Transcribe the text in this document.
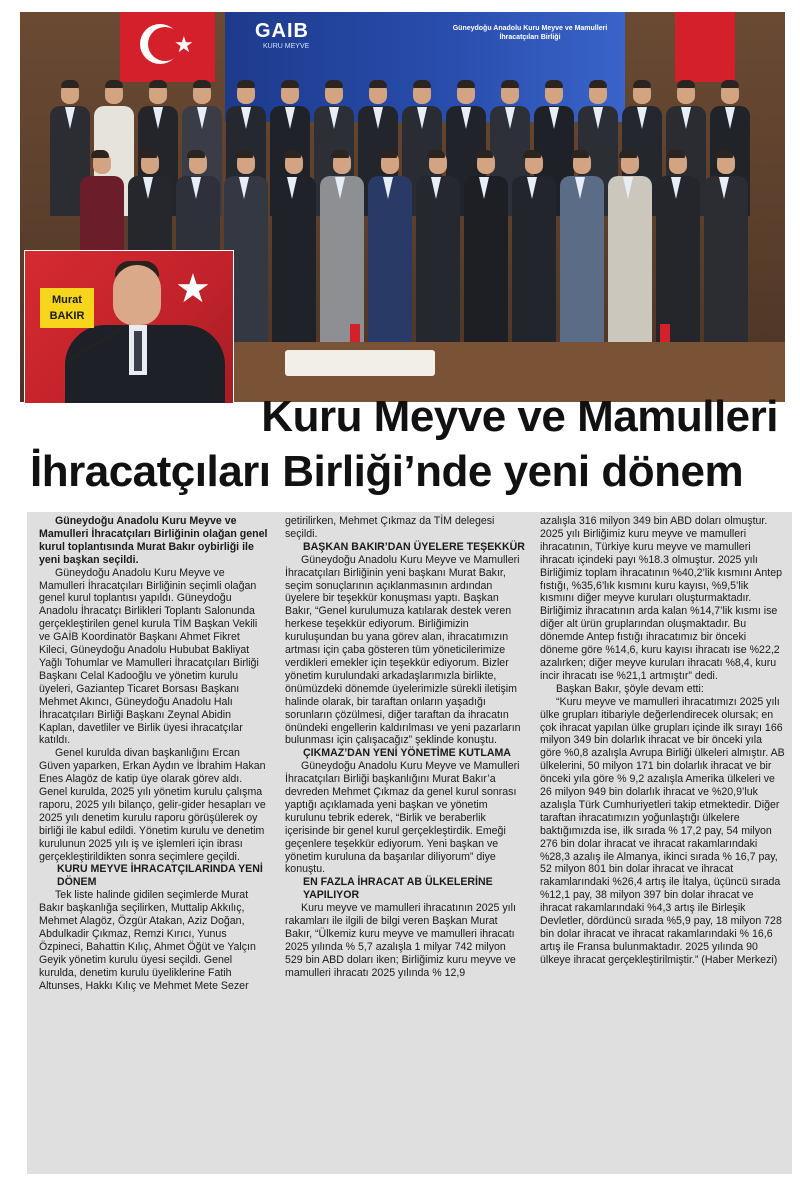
★
GAIB
KURU MEYVE
Güneydoğu Anadolu Kuru Meyve ve Mamulleri İhracatçıları Birliği
★
Murat
BAKIR
Kuru Meyve ve Mamulleri
İhracatçıları Birliği’nde yeni dönem

Güneydoğu Anadolu Kuru Meyve ve Mamulleri İhracatçıları Birliğinin olağan genel kurul toplantısında Murat Bakır oybirliği ile yeni başkan seçildi.

Güneydoğu Anadolu Kuru Meyve ve Mamulleri İhracatçıları Birliğinin seçimli olağan genel kurul toplantısı yapıldı. Güneydoğu Anadolu İhracatçı Birlikleri Toplantı Salonunda gerçekleştirilen genel kurula TİM Başkan Vekili ve GAİB Koordinatör Başkanı Ahmet Fikret Kileci, Güneydoğu Anadolu Hububat Bakliyat Yağlı Tohumlar ve Mamulleri İhracatçıları Birliği Başkanı Celal Kadooğlu ve yönetim kurulu üyeleri, Gaziantep Ticaret Borsası Başkanı Mehmet Akıncı, Güneydoğu Anadolu Halı İhracatçıları Birliği Başkanı Zeynal Abidin Kaplan, davetliler ve Birlik üyesi ihracatçılar katıldı.

Genel kurulda divan başkanlığını Ercan Güven yaparken, Erkan Aydın ve İbrahim Hakan Enes Alagöz de katip üye olarak görev aldı. Genel kurulda, 2025 yılı yönetim kurulu çalışma raporu, 2025 yılı bilanço, gelir-gider hesapları ve 2025 yılı denetim kurulu raporu görüşülerek oy birliği ile kabul edildi. Yönetim kurulu ve denetim kurulunun 2025 yılı iş ve işlemleri için ibrası gerçekleştirildikten sonra seçimlere geçildi.

KURU MEYVE İHRACATÇILARINDA YENİ DÖNEM

Tek liste halinde gidilen seçimlerde Murat Bakır başkanlığa seçilirken, Muttalip Akkılıç, Mehmet Alagöz, Özgür Atakan, Aziz Doğan, Abdulkadir Çıkmaz, Remzi Kırıcı, Yunus Özpineci, Bahattin Kılıç, Ahmet Öğüt ve Yalçın Geyik yönetim kurulu üyesi seçildi. Genel kurulda, denetim kurulu üyeliklerine Fatih Altunses, Hakkı Kılıç ve Mehmet Mete Sezer

getirilirken, Mehmet Çıkmaz da TİM delegesi seçildi.

BAŞKAN BAKIR’DAN ÜYELERE TEŞEKKÜR

Güneydoğu Anadolu Kuru Meyve ve Mamulleri İhracatçıları Birliğinin yeni başkanı Murat Bakır, seçim sonuçlarının açıklanmasının ardından üyelere bir teşekkür konuşması yaptı. Başkan Bakır, “Genel kurulumuza katılarak destek veren herkese teşekkür ediyorum. Birliğimizin kuruluşundan bu yana görev alan, ihracatımızın artması için çaba gösteren tüm yöneticilerimize verdikleri emekler için teşekkür ediyorum. Bizler yönetim kurulundaki arkadaşlarımızla birlikte, önümüzdeki dönemde üyelerimizle sürekli iletişim halinde olarak, bir taraftan onların yaşadığı sorunların çözülmesi, diğer taraftan da ihracatın önündeki engellerin kaldırılması ve yeni pazarların bulunması için çalışacağız” şeklinde konuştu.

ÇIKMAZ’DAN YENİ YÖNETİME KUTLAMA

Güneydoğu Anadolu Kuru Meyve ve Mamulleri İhracatçıları Birliği başkanlığını Murat Bakır’a devreden Mehmet Çıkmaz da genel kurul sonrası yaptığı açıklamada yeni başkan ve yönetim kurulunu tebrik ederek, “Birlik ve beraberlik içerisinde bir genel kurul gerçekleştirdik. Emeği geçenlere teşekkür ediyorum. Yeni başkan ve yönetim kuruluna da başarılar diliyorum” diye konuştu.

EN FAZLA İHRACAT AB ÜLKELERİNE YAPILIYOR

Kuru meyve ve mamulleri ihracatının 2025 yılı rakamları ile ilgili de bilgi veren Başkan Murat Bakır, “Ülkemiz kuru meyve ve mamulleri ihracatı 2025 yılında % 5,7 azalışla 1 milyar 742 milyon 529 bin ABD doları iken; Birliğimiz kuru meyve ve mamulleri ihracatı 2025 yılında % 12,9

azalışla 316 milyon 349 bin ABD doları olmuştur. 2025 yılı Birliğimiz kuru meyve ve mamulleri ihracatının, Türkiye kuru meyve ve mamulleri ihracatı içindeki payı %18.3 olmuştur. 2025 yılı Birliğimiz toplam ihracatının %40,2’lik kısmını Antep fıstığı, %35,6’lık kısmını kuru kayısı, %9,5’lik kısmını diğer meyve kuruları oluşturmaktadır. Birliğimiz ihracatının arda kalan %14,7’lik kısmı ise diğer alt ürün gruplarından oluşmaktadır. Bu dönemde Antep fıstığı ihracatımız bir önceki döneme göre %14,6, kuru kayısı ihracatı ise %22,2 azalırken; diğer meyve kuruları ihracatı %8,4, kuru incir ihracatı ise %21,1 artmıştır” dedi.

Başkan Bakır, şöyle devam etti:

“Kuru meyve ve mamulleri ihracatımızı 2025 yılı ülke grupları itibariyle değerlendirecek olursak; en çok ihracat yapılan ülke grupları içinde ilk sırayı 166 milyon 349 bin dolarlık ihracat ve bir önceki yıla göre %0,8 azalışla Avrupa Birliği ülkeleri almıştır. AB ülkelerini, 50 milyon 171 bin dolarlık ihracat ve bir önceki yıla göre % 9,2 azalışla Amerika ülkeleri ve 26 milyon 949 bin dolarlık ihracat ve %20,9’luk azalışla Türk Cumhuriyetleri takip etmektedir. Diğer taraftan ihracatımızın yoğunlaştığı ülkelere baktığımızda ise, ilk sırada % 17,2 pay, 54 milyon 276 bin dolar ihracat ve ihracat rakamlarındaki %28,3 azalış ile Almanya, ikinci sırada % 16,7 pay, 52 milyon 801 bin dolar ihracat ve ihracat rakamlarındaki %26,4 artış ile İtalya, üçüncü sırada %12,1 pay, 38 milyon 397 bin dolar ihracat ve ihracat rakamlarındaki %4,3 artış ile Birleşik Devletler, dördüncü sırada %5,9 pay, 18 milyon 728 bin dolar ihracat ve ihracat rakamlarındaki % 16,6 artış ile Fransa bulunmaktadır. 2025 yılında 90 ülkeye ihracat gerçekleştirilmiştir.” (Haber Merkezi)
